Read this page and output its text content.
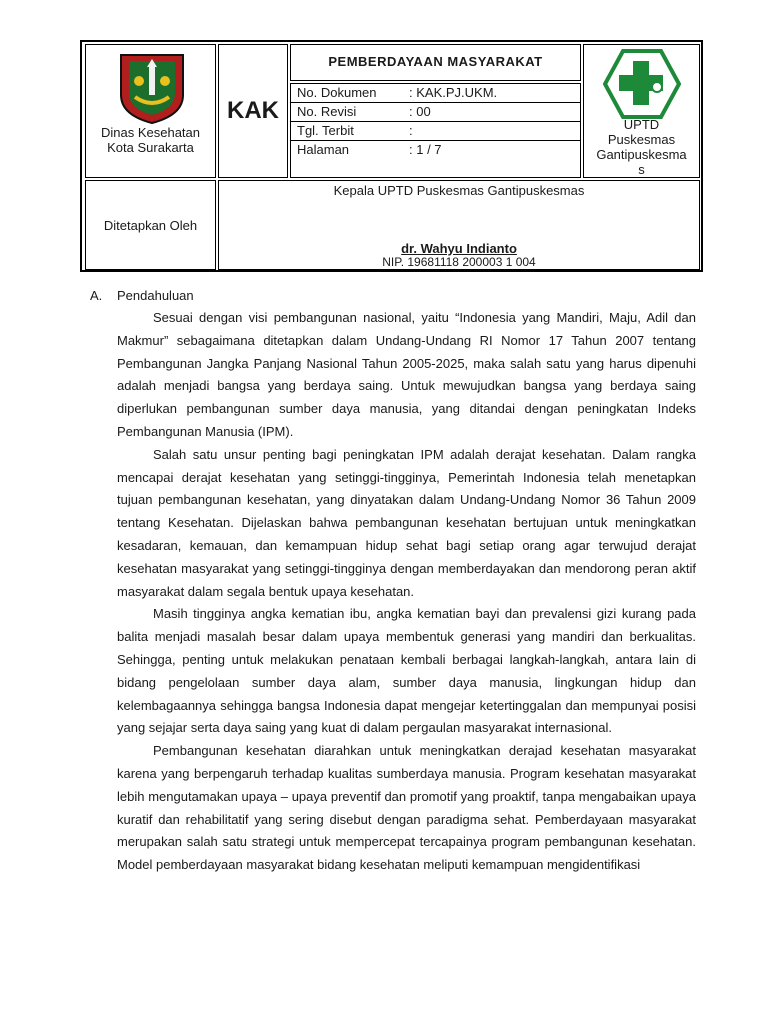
Dinas Kesehatan
Kota Surakarta
KAK
PEMBERDAYAAN MASYARAKAT
No. Dokumen	: KAK.PJ.UKM.
No. Revisi	: 00
Tgl. Terbit	:
Halaman	: 1 / 7
UPTD
Puskesmas
Gantipuskesma
s
Ditetapkan Oleh
Kepala UPTD Puskesmas Gantipuskesmas
dr. Wahyu Indianto
NIP. 19681118 200003 1 004
A. Pendahuluan

Sesuai dengan visi pembangunan nasional, yaitu “Indonesia yang Mandiri, Maju, Adil dan Makmur” sebagaimana ditetapkan dalam Undang-Undang RI Nomor 17 Tahun 2007 tentang Pembangunan Jangka Panjang Nasional Tahun 2005-2025, maka salah satu yang harus dipenuhi adalah menjadi bangsa yang berdaya saing. Untuk mewujudkan bangsa yang berdaya saing diperlukan pembangunan sumber daya manusia, yang ditandai dengan peningkatan Indeks Pembangunan Manusia (IPM).

Salah satu unsur penting bagi peningkatan IPM adalah derajat kesehatan. Dalam rangka mencapai derajat kesehatan yang setinggi-tingginya, Pemerintah Indonesia telah menetapkan tujuan pembangunan kesehatan, yang dinyatakan dalam Undang-Undang Nomor 36 Tahun 2009 tentang Kesehatan. Dijelaskan bahwa pembangunan kesehatan bertujuan untuk meningkatkan kesadaran, kemauan, dan kemampuan hidup sehat bagi setiap orang agar terwujud derajat kesehatan masyarakat yang setinggi-tingginya dengan memberdayakan dan mendorong peran aktif masyarakat dalam segala bentuk upaya kesehatan.

Masih tingginya angka kematian ibu, angka kematian bayi dan prevalensi gizi kurang pada balita menjadi masalah besar dalam upaya membentuk generasi yang mandiri dan berkualitas. Sehingga, penting untuk melakukan penataan kembali berbagai langkah-langkah, antara lain di bidang pengelolaan sumber daya alam, sumber daya manusia, lingkungan hidup dan kelembagaannya sehingga bangsa Indonesia dapat mengejar ketertinggalan dan mempunyai posisi yang sejajar serta daya saing yang kuat di dalam pergaulan masyarakat internasional.

Pembangunan kesehatan diarahkan untuk meningkatkan derajad kesehatan masyarakat karena yang berpengaruh terhadap kualitas sumberdaya manusia. Program kesehatan masyarakat lebih mengutamakan upaya – upaya preventif dan promotif yang proaktif, tanpa mengabaikan upaya kuratif dan rehabilitatif yang sering disebut dengan paradigma sehat. Pemberdayaan masyarakat merupakan salah satu strategi untuk mempercepat tercapainya program pembangunan kesehatan. Model pemberdayaan masyarakat bidang kesehatan meliputi kemampuan mengidentifikasi
